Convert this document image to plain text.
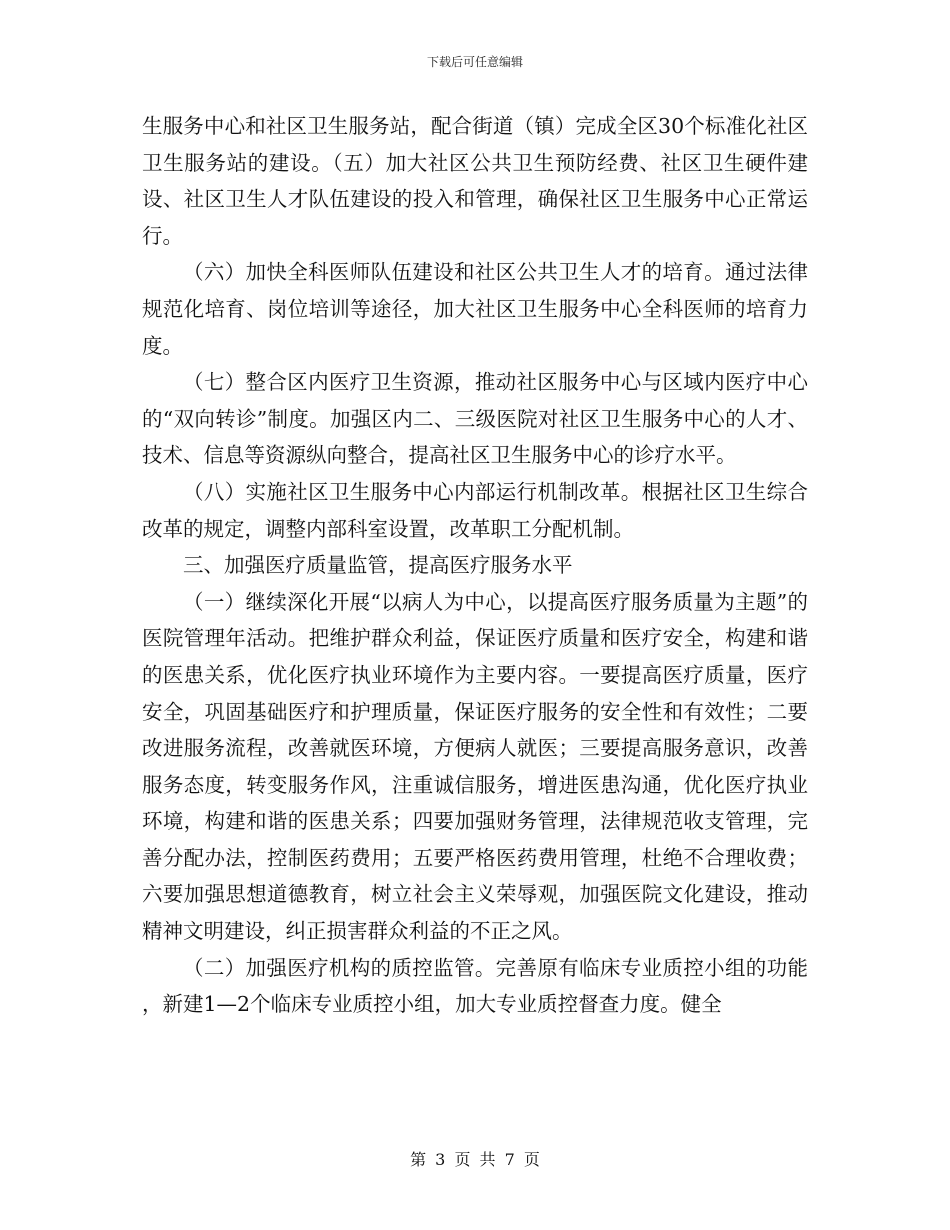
下载后可任意编辑

生服务中心和社区卫生服务站，配合街道（镇）完成全区30个标准化社区卫生服务站的建设。（五）加大社区公共卫生预防经费、社区卫生硬件建设、社区卫生人才队伍建设的投入和管理，确保社区卫生服务中心正常运行。

（六）加快全科医师队伍建设和社区公共卫生人才的培育。通过法律规范化培育、岗位培训等途径，加大社区卫生服务中心全科医师的培育力度。

（七）整合区内医疗卫生资源，推动社区服务中心与区域内医疗中心的“双向转诊”制度。加强区内二、三级医院对社区卫生服务中心的人才、技术、信息等资源纵向整合，提高社区卫生服务中心的诊疗水平。

（八）实施社区卫生服务中心内部运行机制改革。根据社区卫生综合改革的规定，调整内部科室设置，改革职工分配机制。

三、加强医疗质量监管，提高医疗服务水平

（一）继续深化开展“以病人为中心，以提高医疗服务质量为主题”的医院管理年活动。把维护群众利益，保证医疗质量和医疗安全，构建和谐的医患关系，优化医疗执业环境作为主要内容。一要提高医疗质量，医疗安全，巩固基础医疗和护理质量，保证医疗服务的安全性和有效性；二要改进服务流程，改善就医环境，方便病人就医；三要提高服务意识，改善服务态度，转变服务作风，注重诚信服务，增进医患沟通，优化医疗执业环境，构建和谐的医患关系；四要加强财务管理，法律规范收支管理，完善分配办法，控制医药费用；五要严格医药费用管理，杜绝不合理收费；六要加强思想道德教育，树立社会主义荣辱观，加强医院文化建设，推动精神文明建设，纠正损害群众利益的不正之风。

（二）加强医疗机构的质控监管。完善原有临床专业质控小组的功能，新建1—2个临床专业质控小组，加大专业质控督查力度。健全

第 3 页 共 7 页
